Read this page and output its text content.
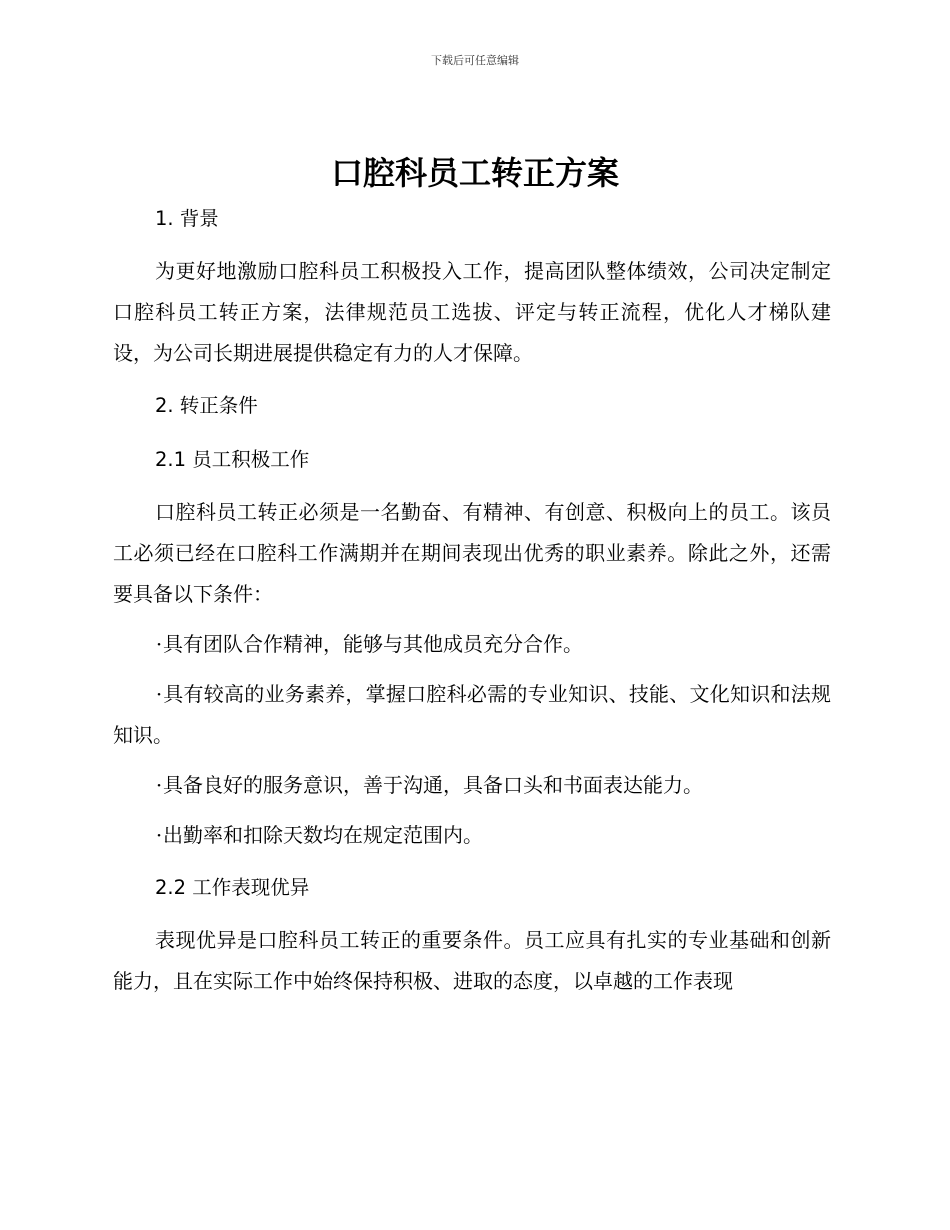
下载后可任意编辑
口腔科员工转正方案
1. 背景

为更好地激励口腔科员工积极投入工作，提高团队整体绩效，公司决定制定口腔科员工转正方案，法律规范员工选拔、评定与转正流程，优化人才梯队建设，为公司长期进展提供稳定有力的人才保障。

2. 转正条件
2.1 员工积极工作

口腔科员工转正必须是一名勤奋、有精神、有创意、积极向上的员工。该员工必须已经在口腔科工作满期并在期间表现出优秀的职业素养。除此之外，还需要具备以下条件：

·具有团队合作精神，能够与其他成员充分合作。

·具有较高的业务素养，掌握口腔科必需的专业知识、技能、文化知识和法规知识。

·具备良好的服务意识，善于沟通，具备口头和书面表达能力。

·出勤率和扣除天数均在规定范围内。

2.2 工作表现优异

表现优异是口腔科员工转正的重要条件。员工应具有扎实的专业基础和创新能力，且在实际工作中始终保持积极、进取的态度，以卓越的工作表现
